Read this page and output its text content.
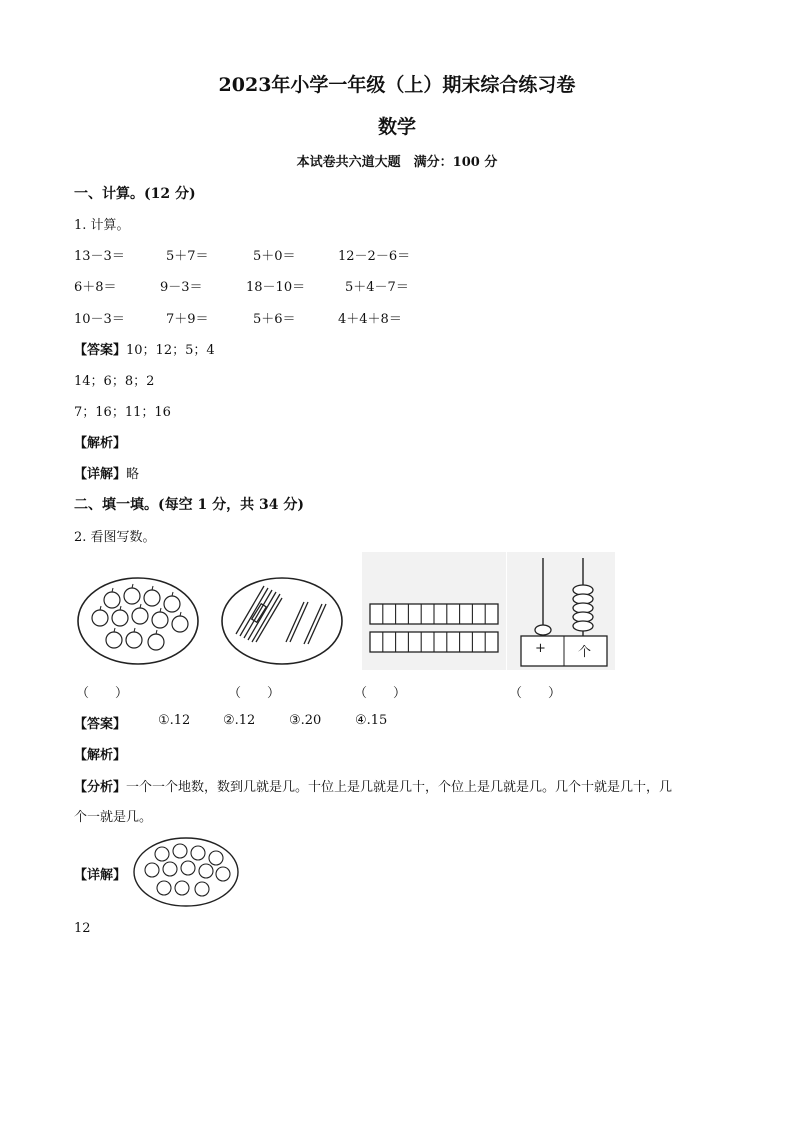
2023年小学一年级（上）期末综合练习卷
数学
本试卷共六道大题　满分：100 分
一、计算。(12 分)
1. 计算。
13－3＝	5＋7＝	5＋0＝	12－2－6＝
6＋8＝	9－3＝	18－10＝	5＋4－7＝
10－3＝	7＋9＝	5＋6＝	4＋4＋8＝
【答案】10；12；5；4
14；6；8；2
7；16；11；16
【解析】
【详解】略
二、填一填。(每空 1 分，共 34 分)
2. 看图写数。
+ 个
（　　）	（　　）	（　　）	（　　）
【答案】 ①.12	②.12	③.20	④.15
【解析】
【分析】一个一个地数，数到几就是几。十位上是几就是几十，个位上是几就是几。几个十就是几十，几
个一就是几。
【详解】
12
